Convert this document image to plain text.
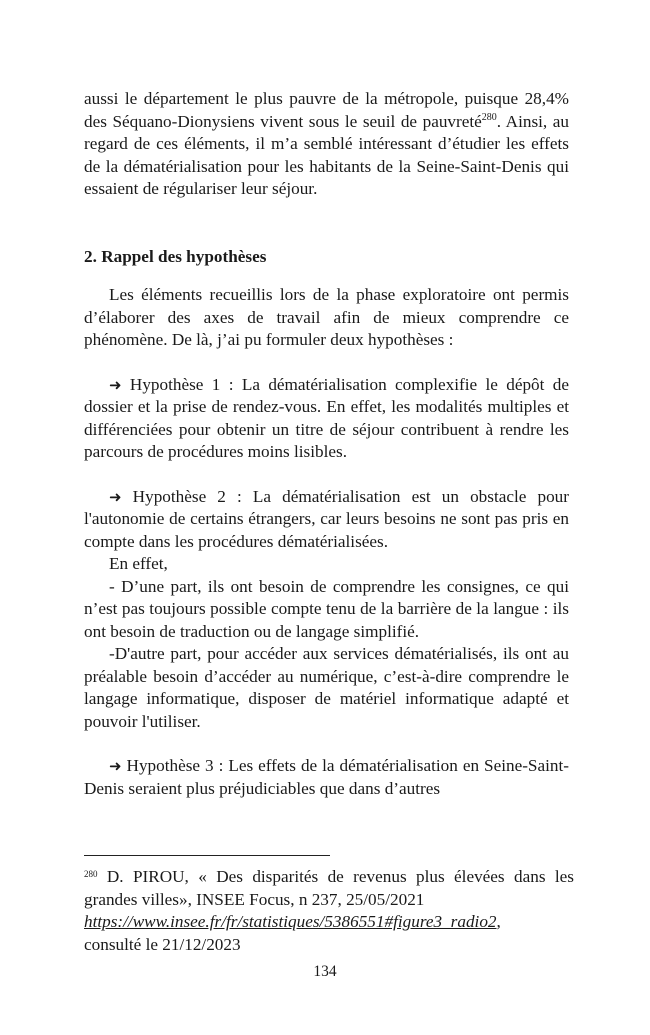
aussi le département le plus pauvre de la métropole, puisque 28,4% des Séquano-Dionysiens vivent sous le seuil de pauvreté$^{280}$. Ainsi, au regard de ces éléments, il m’a semblé intéressant d’étudier les effets de la dématérialisation pour les habitants de la Seine-Saint-Denis qui essaient de régulariser leur séjour.

2. Rappel des hypothèses

Les éléments recueillis lors de la phase exploratoire ont permis d’élaborer des axes de travail afin de mieux comprendre ce phénomène. De là, j’ai pu formuler deux hypothèses :

➜ Hypothèse 1 : La dématérialisation complexifie le dépôt de dossier et la prise de rendez-vous. En effet, les modalités multiples et différenciées pour obtenir un titre de séjour contribuent à rendre les parcours de procédures moins lisibles.

➜ Hypothèse 2 : La dématérialisation est un obstacle pour l'autonomie de certains étrangers, car leurs besoins ne sont pas pris en compte dans les procédures dématérialisées.

En effet,

- D’une part, ils ont besoin de comprendre les consignes, ce qui n’est pas toujours possible compte tenu de la barrière de la langue : ils ont besoin de traduction ou de langage simplifié.

-D'autre part, pour accéder aux services dématérialisés, ils ont au préalable besoin d’accéder au numérique, c’est-à-dire comprendre le langage informatique, disposer de matériel informatique adapté et pouvoir l'utiliser.

➜ Hypothèse 3 : Les effets de la dématérialisation en Seine-Saint-Denis seraient plus préjudiciables que dans d’autres

$^{280}$ D. PIROU, « Des disparités de revenus plus élevées dans les grandes villes», INSEE Focus, n 237, 25/05/2021

https://www.insee.fr/fr/statistiques/5386551#figure3_radio2,

consulté le 21/12/2023

134
